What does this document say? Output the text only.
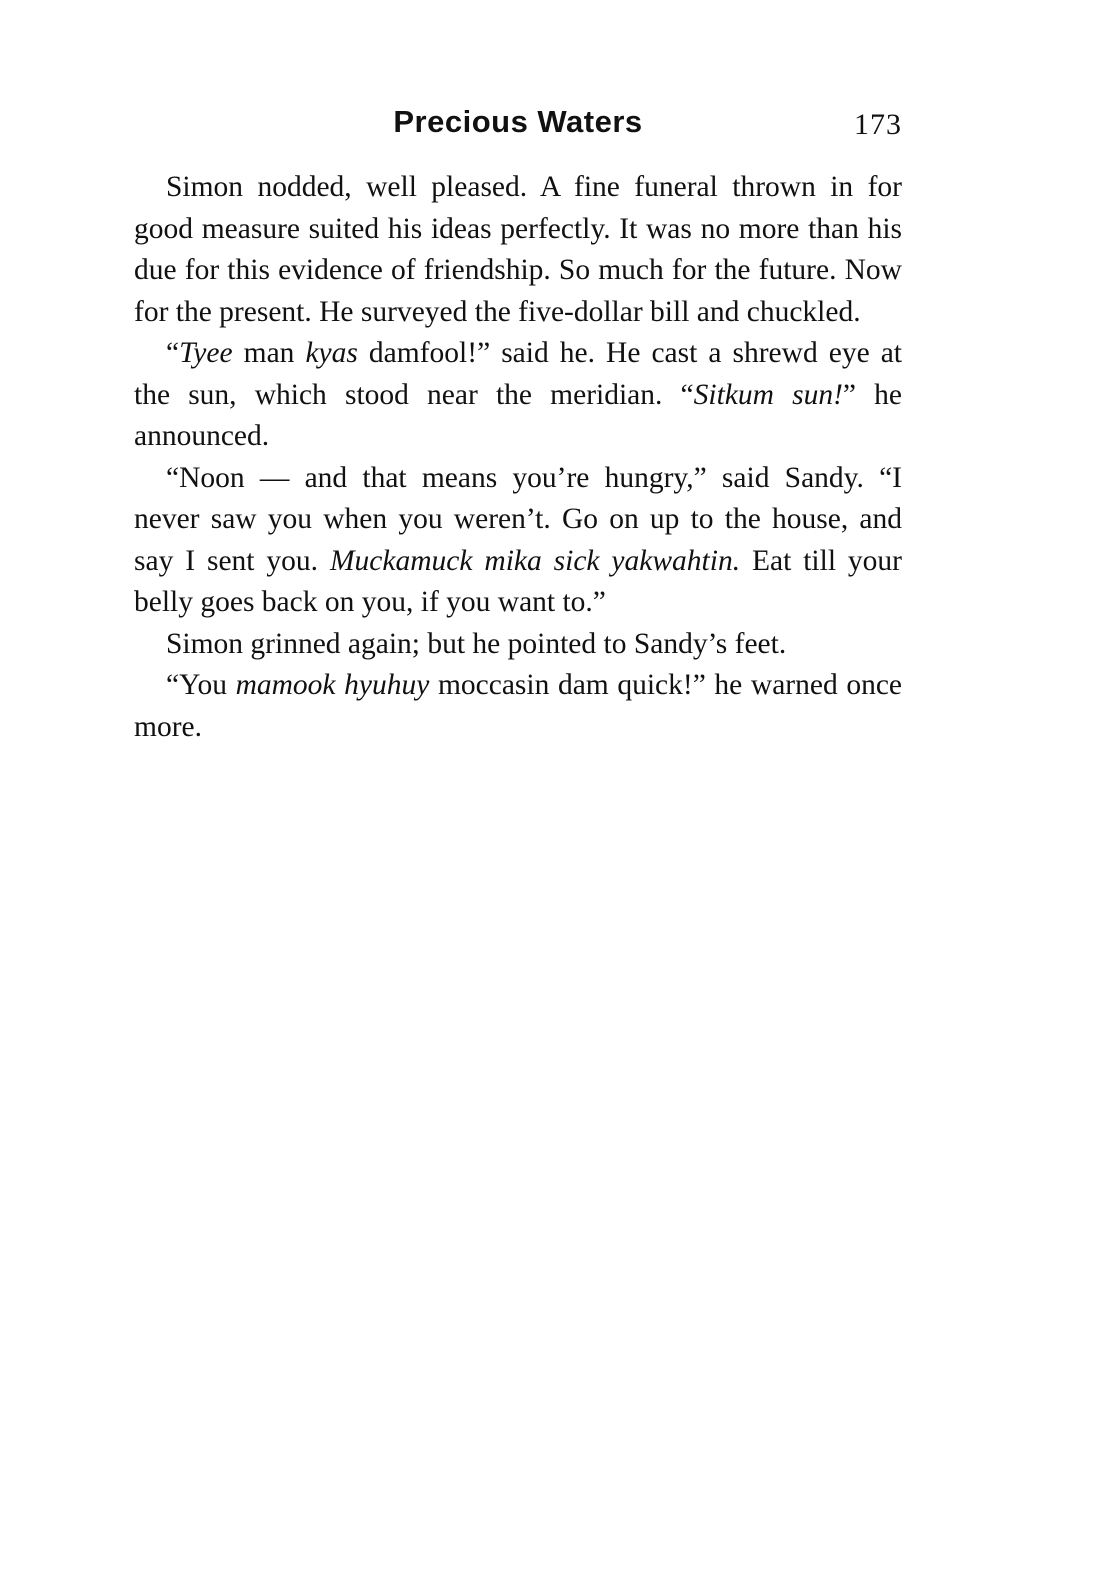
Precious Waters	173

Simon nodded, well pleased. A fine funeral thrown in for good measure suited his ideas perfectly. It was no more than his due for this evidence of friendship. So much for the future. Now for the present. He surveyed the five-dollar bill and chuckled.

“Tyee man kyas damfool!” said he. He cast a shrewd eye at the sun, which stood near the meridian. “Sitkum sun!” he announced.

“Noon — and that means you’re hungry,” said Sandy. “I never saw you when you weren’t. Go on up to the house, and say I sent you. Muckamuck mika sick yakwahtin. Eat till your belly goes back on you, if you want to.”

Simon grinned again; but he pointed to Sandy’s feet.

“You mamook hyuhuy moccasin dam quick!” he warned once more.
